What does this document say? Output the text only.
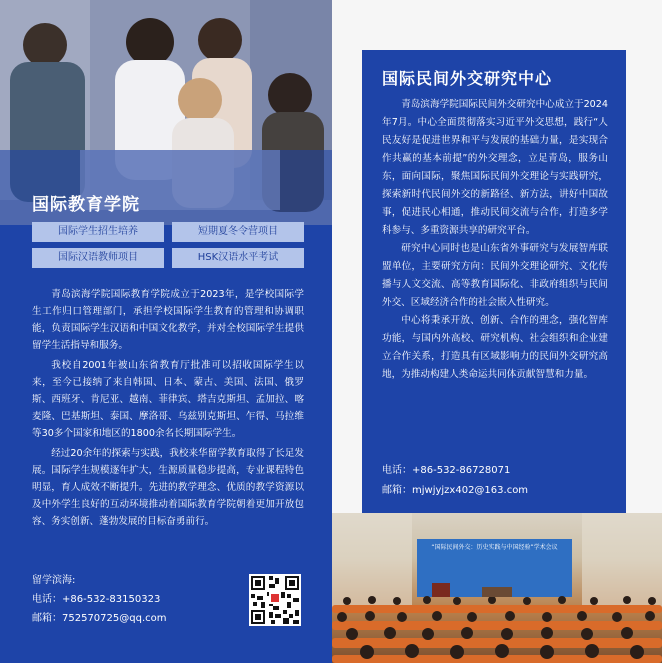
国际教育学院
国际学生招生培养	短期夏冬令营项目
国际汉语教师项目	HSK汉语水平考试

青岛滨海学院国际教育学院成立于2023年，是学校国际学生工作归口管理部门，承担学校国际学生教育的管理和协调职能，负责国际学生汉语和中国文化教学，并对全校国际学生提供留学生活指导和服务。

我校自2001年被山东省教育厅批准可以招收国际学生以来，至今已接纳了来自韩国、日本、蒙古、美国、法国、俄罗斯、西班牙、肯尼亚、越南、菲律宾、塔吉克斯坦、孟加拉、喀麦隆、巴基斯坦、泰国、摩洛哥、乌兹别克斯坦、乍得、马拉维等30多个国家和地区的1800余名长期国际学生。

经过20余年的探索与实践，我校来华留学教育取得了长足发展。国际学生规模逐年扩大，生源质量稳步提高，专业课程特色明显，育人成效不断提升。先进的教学理念、优质的教学资源以及中外学生良好的互动环境推动着国际教育学院朝着更加开放包容、务实创新、蓬勃发展的目标奋勇前行。

留学滨海:
电话：+86-532-83150323
邮箱：752570725@qq.com
国际民间外交研究中心

青岛滨海学院国际民间外交研究中心成立于2024年7月。中心全面贯彻落实习近平外交思想，践行“人民友好是促进世界和平与发展的基础力量，是实现合作共赢的基本前提”的外交理念，立足青岛，服务山东，面向国际，聚焦国际民间外交理论与实践研究，探索新时代民间外交的新路径、新方法，讲好中国故事，促进民心相通，推动民间交流与合作，打造多学科参与、多重资源共享的研究平台。

研究中心同时也是山东省外事研究与发展智库联盟单位，主要研究方向：民间外交理论研究、文化传播与人文交流、高等教育国际化、非政府组织与民间外交、区域经济合作的社会嵌入性研究。

中心将秉承开放、创新、合作的理念，强化智库功能，与国内外高校、研究机构、社会组织和企业建立合作关系，打造具有区域影响力的民间外交研究高地，为推动构建人类命运共同体贡献智慧和力量。

电话：+86-532-86728071
邮箱：mjwjyjzx402@163.com
“国际民间外交：历史实践与中国经验”学术会议
